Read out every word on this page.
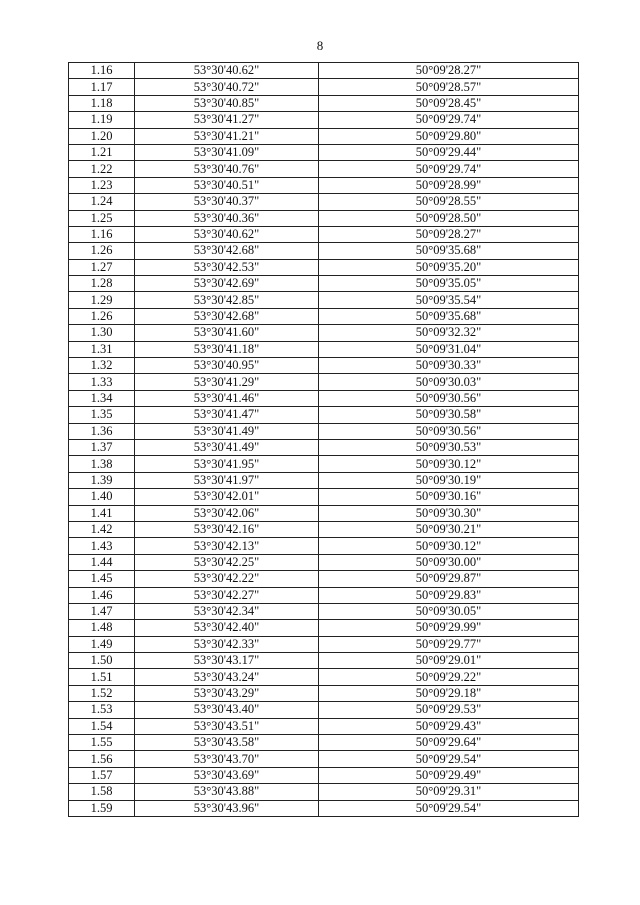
8
1.16	53°30'40.62"	50°09'28.27"
1.17	53°30'40.72"	50°09'28.57"
1.18	53°30'40.85"	50°09'28.45"
1.19	53°30'41.27"	50°09'29.74"
1.20	53°30'41.21"	50°09'29.80"
1.21	53°30'41.09"	50°09'29.44"
1.22	53°30'40.76"	50°09'29.74"
1.23	53°30'40.51"	50°09'28.99"
1.24	53°30'40.37"	50°09'28.55"
1.25	53°30'40.36"	50°09'28.50"
1.16	53°30'40.62"	50°09'28.27"
1.26	53°30'42.68"	50°09'35.68"
1.27	53°30'42.53"	50°09'35.20"
1.28	53°30'42.69"	50°09'35.05"
1.29	53°30'42.85"	50°09'35.54"
1.26	53°30'42.68"	50°09'35.68"
1.30	53°30'41.60"	50°09'32.32"
1.31	53°30'41.18"	50°09'31.04"
1.32	53°30'40.95"	50°09'30.33"
1.33	53°30'41.29"	50°09'30.03"
1.34	53°30'41.46"	50°09'30.56"
1.35	53°30'41.47"	50°09'30.58"
1.36	53°30'41.49"	50°09'30.56"
1.37	53°30'41.49"	50°09'30.53"
1.38	53°30'41.95"	50°09'30.12"
1.39	53°30'41.97"	50°09'30.19"
1.40	53°30'42.01"	50°09'30.16"
1.41	53°30'42.06"	50°09'30.30"
1.42	53°30'42.16"	50°09'30.21"
1.43	53°30'42.13"	50°09'30.12"
1.44	53°30'42.25"	50°09'30.00"
1.45	53°30'42.22"	50°09'29.87"
1.46	53°30'42.27"	50°09'29.83"
1.47	53°30'42.34"	50°09'30.05"
1.48	53°30'42.40"	50°09'29.99"
1.49	53°30'42.33"	50°09'29.77"
1.50	53°30'43.17"	50°09'29.01"
1.51	53°30'43.24"	50°09'29.22"
1.52	53°30'43.29"	50°09'29.18"
1.53	53°30'43.40"	50°09'29.53"
1.54	53°30'43.51"	50°09'29.43"
1.55	53°30'43.58"	50°09'29.64"
1.56	53°30'43.70"	50°09'29.54"
1.57	53°30'43.69"	50°09'29.49"
1.58	53°30'43.88"	50°09'29.31"
1.59	53°30'43.96"	50°09'29.54"
